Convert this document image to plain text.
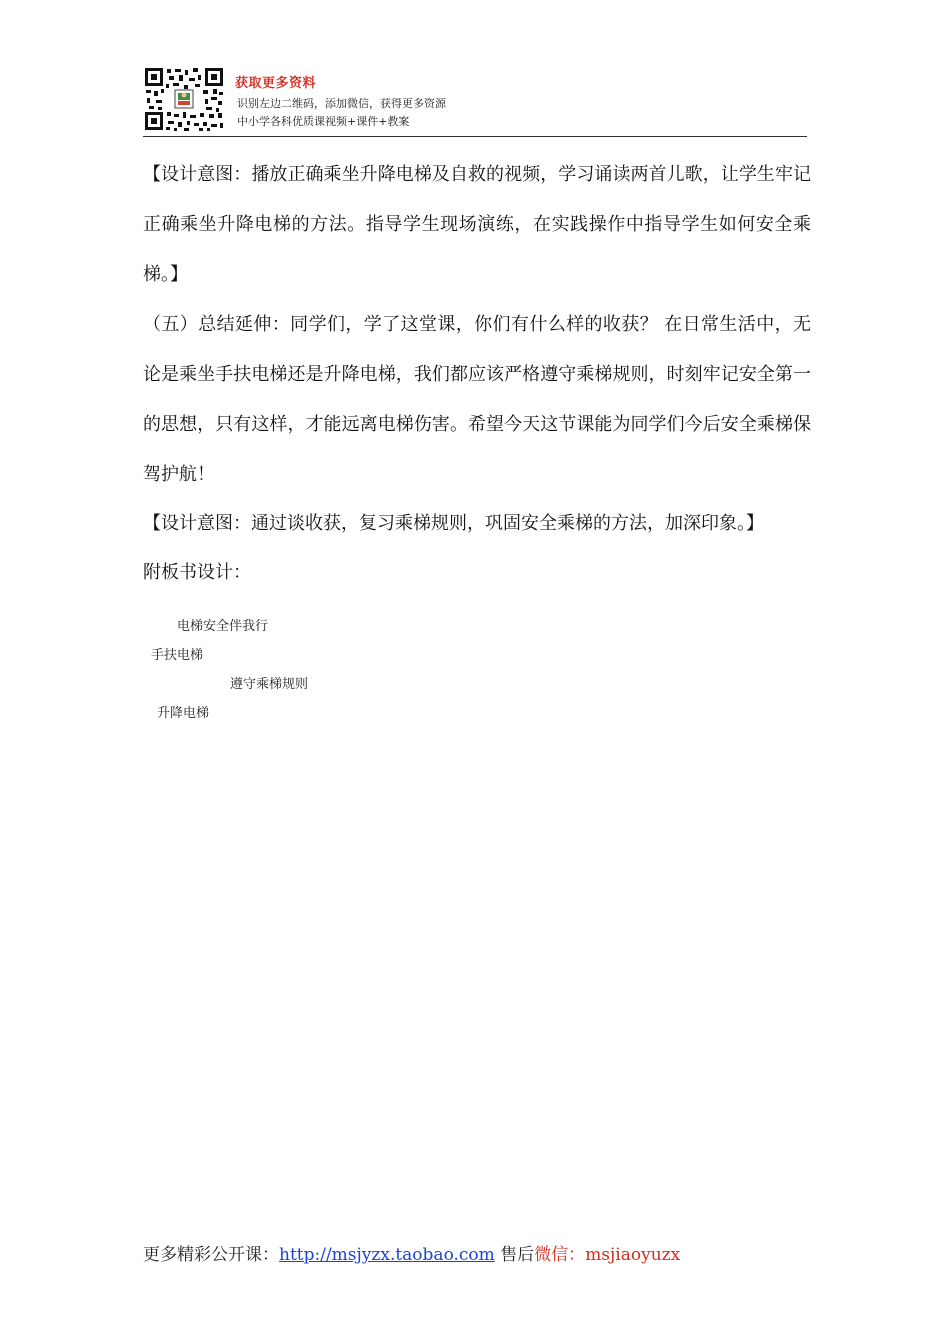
获取更多资料
识别左边二维码，添加微信，获得更多资源
中小学各科优质课视频+课件+教案
【设计意图：播放正确乘坐升降电梯及自救的视频，学习诵读两首儿歌，让学生牢记正确乘坐升降电梯的方法。指导学生现场演练，在实践操作中指导学生如何安全乘梯。】
（五）总结延伸：同学们，学了这堂课，你们有什么样的收获？ 在日常生活中，无论是乘坐手扶电梯还是升降电梯，我们都应该严格遵守乘梯规则，时刻牢记安全第一的思想，只有这样，才能远离电梯伤害。希望今天这节课能为同学们今后安全乘梯保驾护航！
【设计意图：通过谈收获，复习乘梯规则，巩固安全乘梯的方法，加深印象。】
附板书设计：
电梯安全伴我行
手扶电梯
遵守乘梯规则
升降电梯
更多精彩公开课：http://msjyzx.taobao.com 售后微信：msjiaoyuzx
